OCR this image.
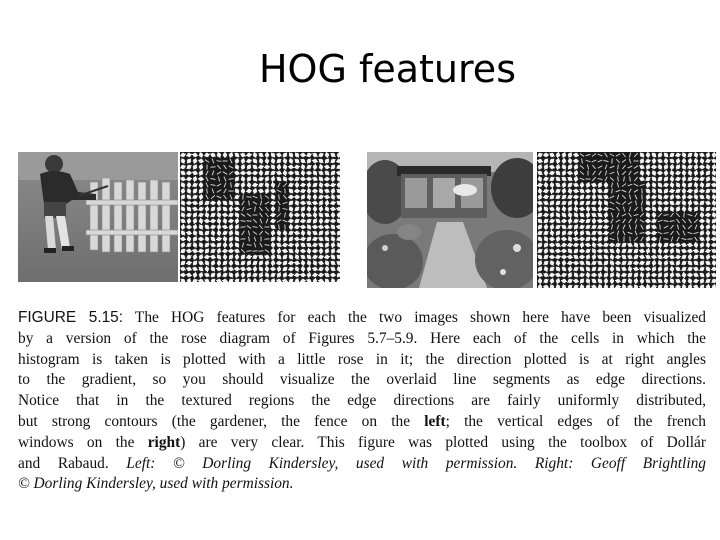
HOG features
FIGURE 5.15: The HOG features for each the two images shown here have been visualized
by a version of the rose diagram of Figures 5.7–5.9. Here each of the cells in which the
histogram is taken is plotted with a little rose in it; the direction plotted is at right angles
to the gradient, so you should visualize the overlaid line segments as edge directions.
Notice that in the textured regions the edge directions are fairly uniformly distributed,
but strong contours (the gardener, the fence on the left; the vertical edges of the french
windows on the right) are very clear. This figure was plotted using the toolbox of Dollár
and Rabaud. Left: © Dorling Kindersley, used with permission. Right: Geoff Brightling
© Dorling Kindersley, used with permission.
